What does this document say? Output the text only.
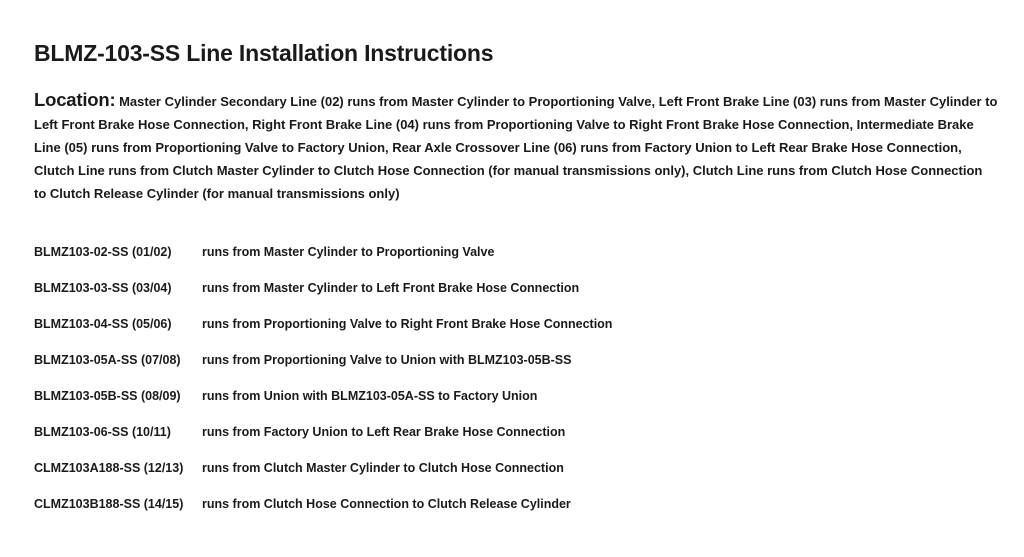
BLMZ-103-SS Line Installation Instructions

Location: Master Cylinder Secondary Line (02) runs from Master Cylinder to Proportioning Valve, Left Front Brake Line (03) runs from Master Cylinder to Left Front Brake Hose Connection, Right Front Brake Line (04) runs from Proportioning Valve to Right Front Brake Hose Connection, Intermediate Brake Line (05) runs from Proportioning Valve to Factory Union, Rear Axle Crossover Line (06) runs from Factory Union to Left Rear Brake Hose Connection, Clutch Line runs from Clutch Master Cylinder to Clutch Hose Connection (for manual transmissions only), Clutch Line runs from Clutch Hose Connection to Clutch Release Cylinder (for manual transmissions only)

BLMZ103-02-SS (01/02) runs from Master Cylinder to Proportioning Valve
BLMZ103-03-SS (03/04) runs from Master Cylinder to Left Front Brake Hose Connection
BLMZ103-04-SS (05/06) runs from Proportioning Valve to Right Front Brake Hose Connection
BLMZ103-05A-SS (07/08) runs from Proportioning Valve to Union with BLMZ103-05B-SS
BLMZ103-05B-SS (08/09) runs from Union with BLMZ103-05A-SS to Factory Union
BLMZ103-06-SS (10/11) runs from Factory Union to Left Rear Brake Hose Connection
CLMZ103A188-SS (12/13) runs from Clutch Master Cylinder to Clutch Hose Connection
CLMZ103B188-SS (14/15) runs from Clutch Hose Connection to Clutch Release Cylinder
